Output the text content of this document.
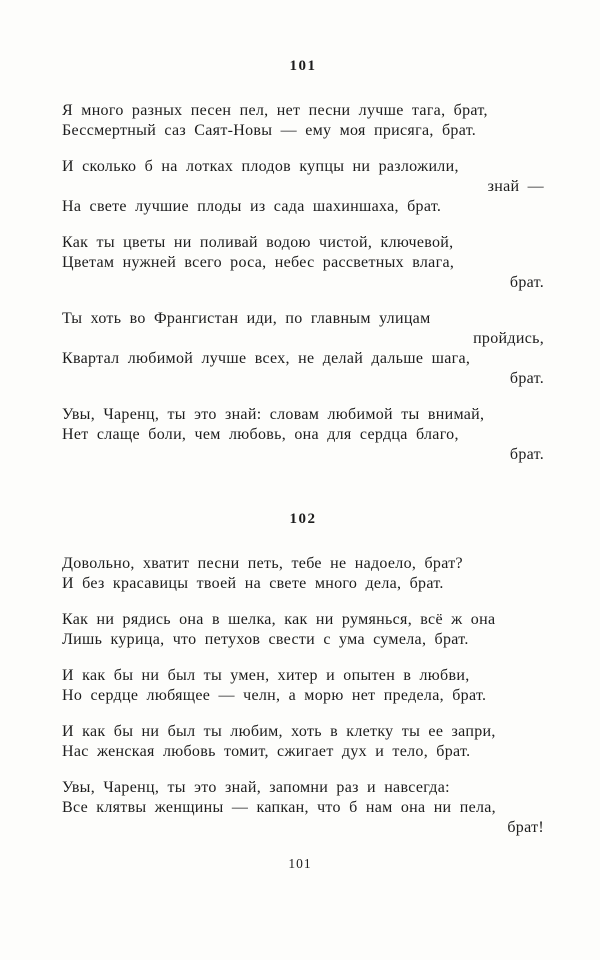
101
Я много разных песен пел, нет песни лучше тага, брат,
Бессмертный саз Саят-Новы — ему моя присяга, брат.
И сколько б на лотках плодов купцы ни разложили,
знай —
На свете лучшие плоды из сада шахиншаха, брат.
Как ты цветы ни поливай водою чистой, ключевой,
Цветам нужней всего роса, небес рассветных влага,
брат.
Ты хоть во Франгистан иди, по главным улицам
пройдись,
Квартал любимой лучше всех, не делай дальше шага,
брат.
Увы, Чаренц, ты это знай: словам любимой ты внимай,
Нет слаще боли, чем любовь, она для сердца благо,
брат.
102
Довольно, хватит песни петь, тебе не надоело, брат?
И без красавицы твоей на свете много дела, брат.
Как ни рядись она в шелка, как ни румянься, всё ж она
Лишь курица, что петухов свести с ума сумела, брат.
И как бы ни был ты умен, хитер и опытен в любви,
Но сердце любящее — челн, а морю нет предела, брат.
И как бы ни был ты любим, хоть в клетку ты ее запри,
Нас женская любовь томит, сжигает дух и тело, брат.
Увы, Чаренц, ты это знай, запомни раз и навсегда:
Все клятвы женщины — капкан, что б нам она ни пела,
брат!
101
